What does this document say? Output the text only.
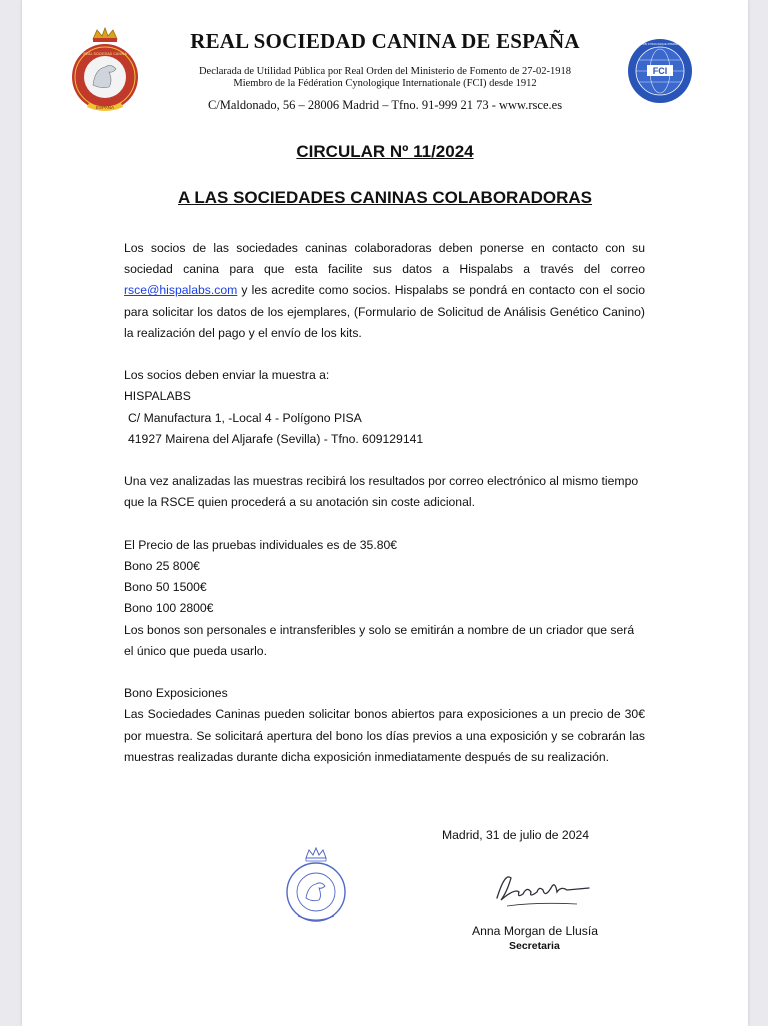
ESPAÑA
REAL SOCIEDAD CANINA
REAL SOCIEDAD CANINA DE ESPAÑA
Declarada de Utilidad Pública por Real Orden del Ministerio de Fomento de 27-02-1918
Miembro de la Fédération Cynologique Internationale (FCI) desde 1912
C/Maldonado, 56 – 28006 Madrid – Tfno. 91-999 21 73 - www.rsce.es
FCI
FÉDÉRATION CYNOLOGIQUE INTERNATIONALE
CIRCULAR Nº 11/2024
A LAS SOCIEDADES CANINAS COLABORADORAS

Los socios de las sociedades caninas colaboradoras deben ponerse en contacto con su sociedad canina para que esta facilite sus datos a Hispalabs a través del correo rsce@hispalabs.com y les acredite como socios. Hispalabs se pondrá en contacto con el socio para solicitar los datos de los ejemplares, (Formulario de Solicitud de Análisis Genético Canino) la realización del pago y el envío de los kits.

Los socios deben enviar la muestra a:

HISPALABS

C/ Manufactura 1, -Local 4 - Polígono PISA

41927 Mairena del Aljarafe (Sevilla) - Tfno. 609129141

Una vez analizadas las muestras recibirá los resultados por correo electrónico al mismo tiempo que la RSCE quien procederá a su anotación sin coste adicional.

El Precio de las pruebas individuales es de 35.80€

Bono 25 800€

Bono 50 1500€

Bono 100 2800€

Los bonos son personales e intransferibles y solo se emitirán a nombre de un criador que será el único que pueda usarlo.

Bono Exposiciones

Las Sociedades Caninas pueden solicitar bonos abiertos para exposiciones a un precio de 30€ por muestra. Se solicitará apertura del bono los días previos a una exposición y se cobrarán las muestras realizadas durante dicha exposición inmediatamente después de su realización.

Madrid, 31 de julio de 2024
Anna Morgan de Llusía
Secretaria
